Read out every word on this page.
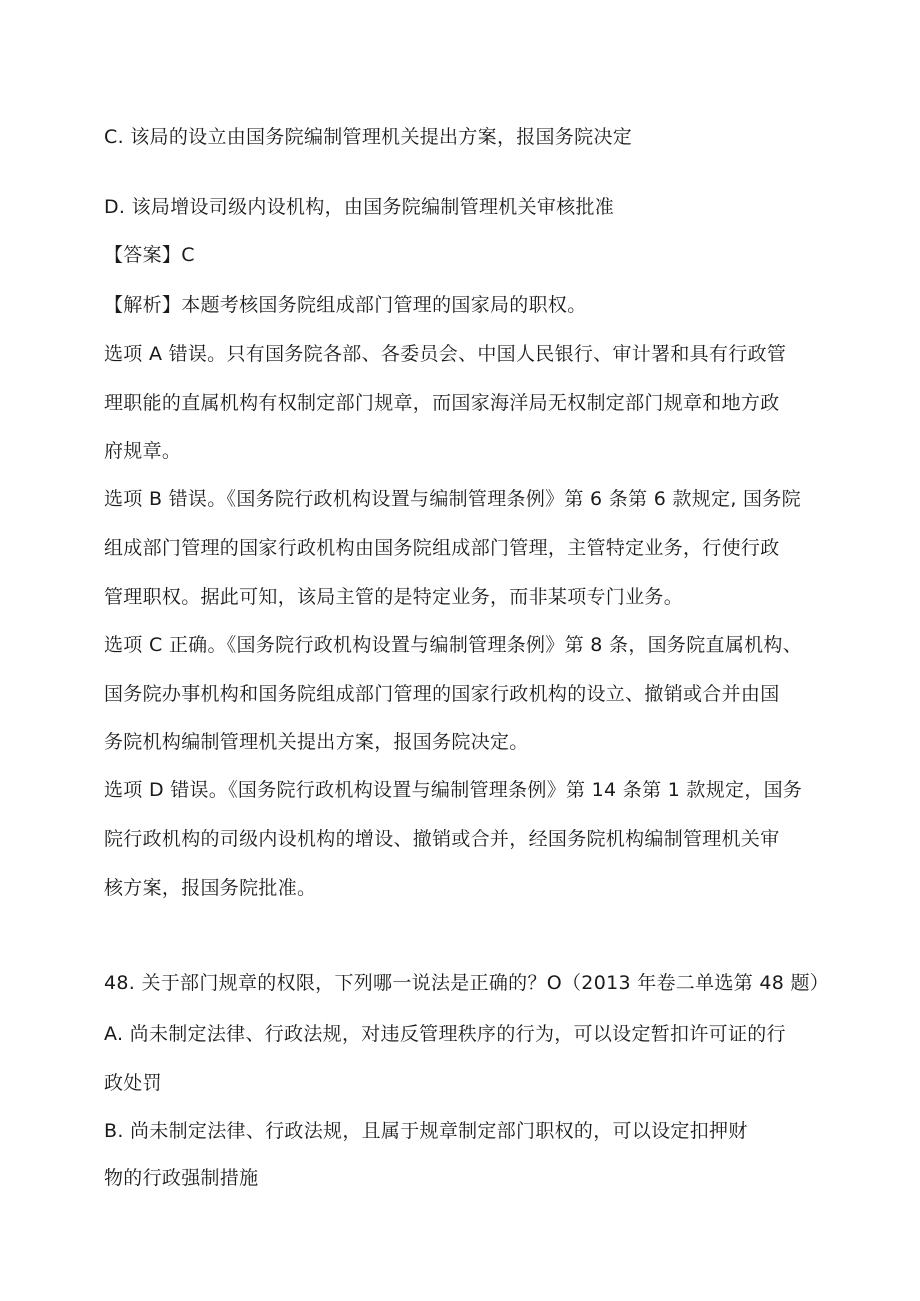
C. 该局的设立由国务院编制管理机关提出方案，报国务院决定
D. 该局增设司级内设机构，由国务院编制管理机关审核批准
【答案】C
【解析】本题考核国务院组成部门管理的国家局的职权。
选项 A 错误。只有国务院各部、各委员会、中国人民银行、审计署和具有行政管
理职能的直属机构有权制定部门规章，而国家海洋局无权制定部门规章和地方政
府规章。
选项 B 错误。《国务院行政机构设置与编制管理条例》第 6 条第 6 款规定, 国务院
组成部门管理的国家行政机构由国务院组成部门管理，主管特定业务，行使行政
管理职权。据此可知，该局主管的是特定业务，而非某项专门业务。
选项 C 正确。《国务院行政机构设置与编制管理条例》第 8 条，国务院直属机构、
国务院办事机构和国务院组成部门管理的国家行政机构的设立、撤销或合并由国
务院机构编制管理机关提出方案，报国务院决定。
选项 D 错误。《国务院行政机构设置与编制管理条例》第 14 条第 1 款规定，国务
院行政机构的司级内设机构的增设、撤销或合并，经国务院机构编制管理机关审
核方案，报国务院批准。
48. 关于部门规章的权限，下列哪一说法是正确的？O（2013 年卷二单选第 48 题）
A. 尚未制定法律、行政法规，对违反管理秩序的行为，可以设定暂扣许可证的行
政处罚
B. 尚未制定法律、行政法规，且属于规章制定部门职权的，可以设定扣押财
物的行政强制措施
